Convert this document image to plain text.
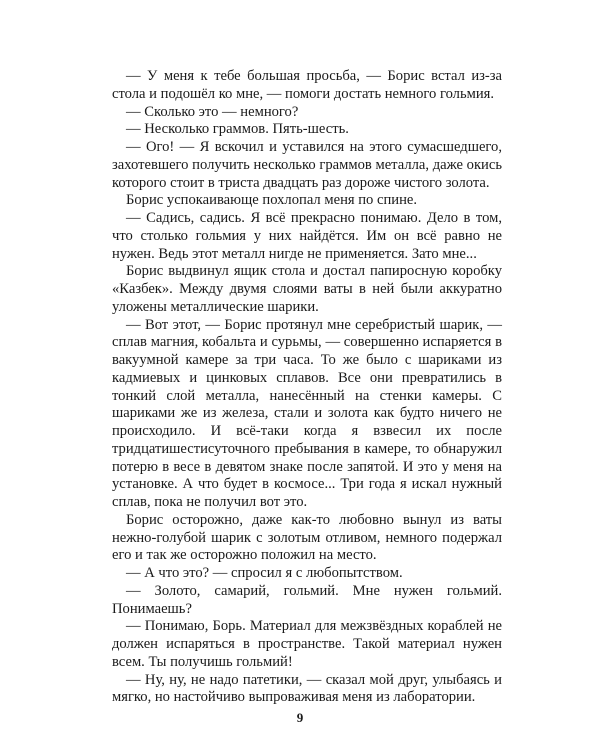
— У меня к тебе большая просьба, — Борис встал из-за стола и подошёл ко мне, — помоги достать немного гольмия.

— Сколько это — немного?

— Несколько граммов. Пять-шесть.

— Ого! — Я вскочил и уставился на этого сумасшедшего, захотевшего получить несколько граммов металла, даже окись которого стоит в триста двадцать раз дороже чистого золота.

Борис успокаивающе похлопал меня по спине.

— Садись, садись. Я всё прекрасно понимаю. Дело в том, что столько гольмия у них найдётся. Им он всё равно не нужен. Ведь этот металл нигде не применяется. Зато мне...

Борис выдвинул ящик стола и достал папиросную коробку «Казбек». Между двумя слоями ваты в ней были аккуратно уложены металлические шарики.

— Вот этот, — Борис протянул мне серебристый шарик, — сплав магния, кобальта и сурьмы, — совершенно испаряется в вакуумной камере за три часа. То же было с шариками из кадмиевых и цинковых сплавов. Все они превратились в тонкий слой металла, нанесённый на стенки камеры. С шариками же из железа, стали и золота как будто ничего не происходило. И всё-таки когда я взвесил их после тридцатишестисуточного пребывания в камере, то обнаружил потерю в весе в девятом знаке после запятой. И это у меня на установке. А что будет в космосе... Три года я искал нужный сплав, пока не получил вот это.

Борис осторожно, даже как-то любовно вынул из ваты нежно-голубой шарик с золотым отливом, немного подержал его и так же осторожно положил на место.

— А что это? — спросил я с любопытством.

— Золото, самарий, гольмий. Мне нужен гольмий. Понимаешь?

— Понимаю, Борь. Материал для межзвёздных кораблей не должен испаряться в пространстве. Такой материал нужен всем. Ты получишь гольмий!

— Ну, ну, не надо патетики, — сказал мой друг, улыбаясь и мягко, но настойчиво выпроваживая меня из лаборатории.

9
